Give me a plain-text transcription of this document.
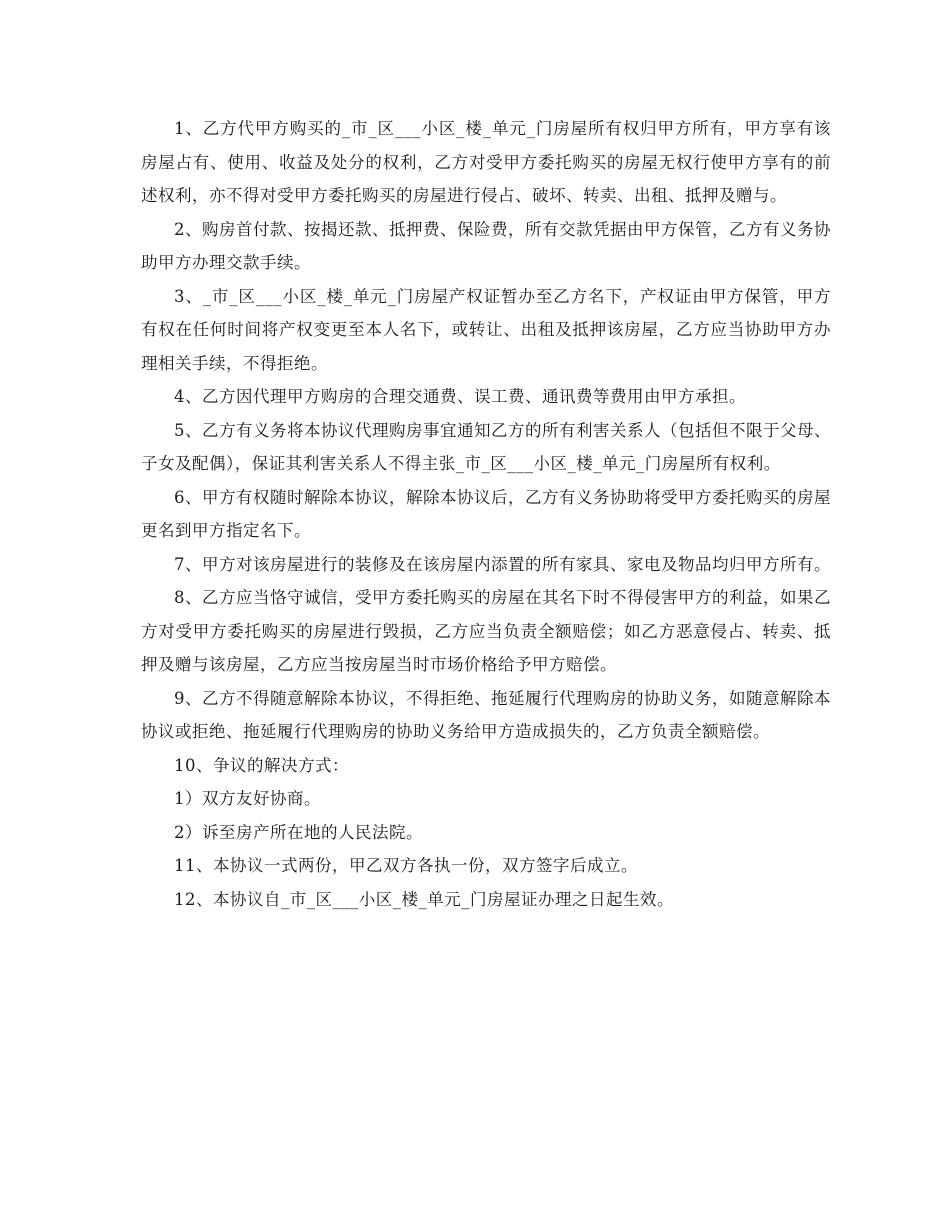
1、乙方代甲方购买的_市_区___小区_楼_单元_门房屋所有权归甲方所有，甲方享有该房屋占有、使用、收益及处分的权利，乙方对受甲方委托购买的房屋无权行使甲方享有的前述权利，亦不得对受甲方委托购买的房屋进行侵占、破坏、转卖、出租、抵押及赠与。

2、购房首付款、按揭还款、抵押费、保险费，所有交款凭据由甲方保管，乙方有义务协助甲方办理交款手续。

3、_市_区___小区_楼_单元_门房屋产权证暂办至乙方名下，产权证由甲方保管，甲方有权在任何时间将产权变更至本人名下，或转让、出租及抵押该房屋，乙方应当协助甲方办理相关手续，不得拒绝。

4、乙方因代理甲方购房的合理交通费、误工费、通讯费等费用由甲方承担。

5、乙方有义务将本协议代理购房事宜通知乙方的所有利害关系人（包括但不限于父母、子女及配偶），保证其利害关系人不得主张_市_区___小区_楼_单元_门房屋所有权利。

6、甲方有权随时解除本协议，解除本协议后，乙方有义务协助将受甲方委托购买的房屋更名到甲方指定名下。

7、甲方对该房屋进行的装修及在该房屋内添置的所有家具、家电及物品均归甲方所有。

8、乙方应当恪守诚信，受甲方委托购买的房屋在其名下时不得侵害甲方的利益，如果乙方对受甲方委托购买的房屋进行毁损，乙方应当负责全额赔偿；如乙方恶意侵占、转卖、抵押及赠与该房屋，乙方应当按房屋当时市场价格给予甲方赔偿。

9、乙方不得随意解除本协议，不得拒绝、拖延履行代理购房的协助义务，如随意解除本协议或拒绝、拖延履行代理购房的协助义务给甲方造成损失的，乙方负责全额赔偿。

10、争议的解决方式：

1）双方友好协商。

2）诉至房产所在地的人民法院。

11、本协议一式两份，甲乙双方各执一份，双方签字后成立。

12、本协议自_市_区___小区_楼_单元_门房屋证办理之日起生效。
